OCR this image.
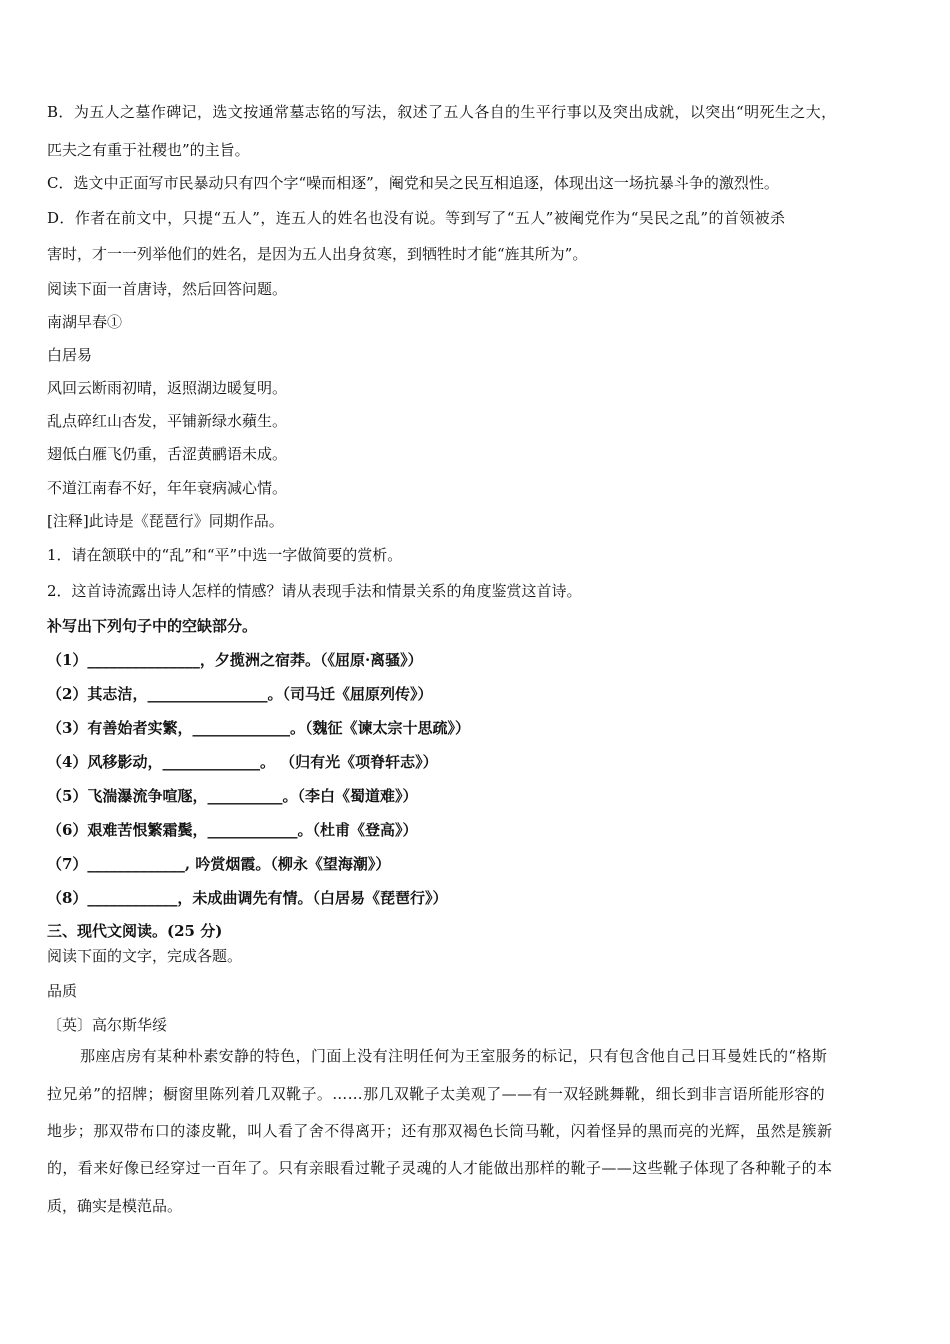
B．为五人之墓作碑记，选文按通常墓志铭的写法，叙述了五人各自的生平行事以及突出成就，以突出“明死生之大，
匹夫之有重于社稷也”的主旨。
C．选文中正面写市民暴动只有四个字“噪而相逐”，阉党和吴之民互相追逐，体现出这一场抗暴斗争的激烈性。
D．作者在前文中，只提“五人”，连五人的姓名也没有说。等到写了“五人”被阉党作为“吴民之乱”的首领被杀
害时，才一一列举他们的姓名，是因为五人出身贫寒，到牺牲时才能“旌其所为”。
阅读下面一首唐诗，然后回答问题。
南湖早春①
白居易
风回云断雨初晴，返照湖边暖复明。
乱点碎红山杏发，平铺新绿水蘋生。
翅低白雁飞仍重，舌涩黄鹂语未成。
不道江南春不好，年年衰病减心情。
[注释]此诗是《琵琶行》同期作品。
1．请在颔联中的“乱”和“平”中选一字做简要的赏析。
2．这首诗流露出诗人怎样的情感？请从表现手法和情景关系的角度鉴赏这首诗。
补写出下列句子中的空缺部分。
（1）_______________，夕揽洲之宿莽。（《屈原·离骚》）
（2）其志洁，________________。（司马迁《屈原列传》）
（3）有善始者实繁，_____________。（魏征《谏太宗十思疏》）
（4）风移影动，_____________。 （归有光《项脊轩志》）
（5）飞湍瀑流争喧豗，__________。（李白《蜀道难》）
（6）艰难苦恨繁霜鬓，____________。（杜甫《登高》）
（7）_____________, 吟赏烟霞。（柳永《望海潮》）
（8）____________，未成曲调先有情。（白居易《琵琶行》）
三、现代文阅读。(25 分)
阅读下面的文字，完成各题。
品质
〔英〕高尔斯华绥
那座店房有某种朴素安静的特色，门面上没有注明任何为王室服务的标记，只有包含他自己日耳曼姓氏的“格斯
拉兄弟”的招牌；橱窗里陈列着几双靴子。……那几双靴子太美观了——有一双轻跳舞靴，细长到非言语所能形容的
地步；那双带布口的漆皮靴，叫人看了舍不得离开；还有那双褐色长筒马靴，闪着怪异的黑而亮的光辉，虽然是簇新
的，看来好像已经穿过一百年了。只有亲眼看过靴子灵魂的人才能做出那样的靴子——这些靴子体现了各种靴子的本
质，确实是模范品。
